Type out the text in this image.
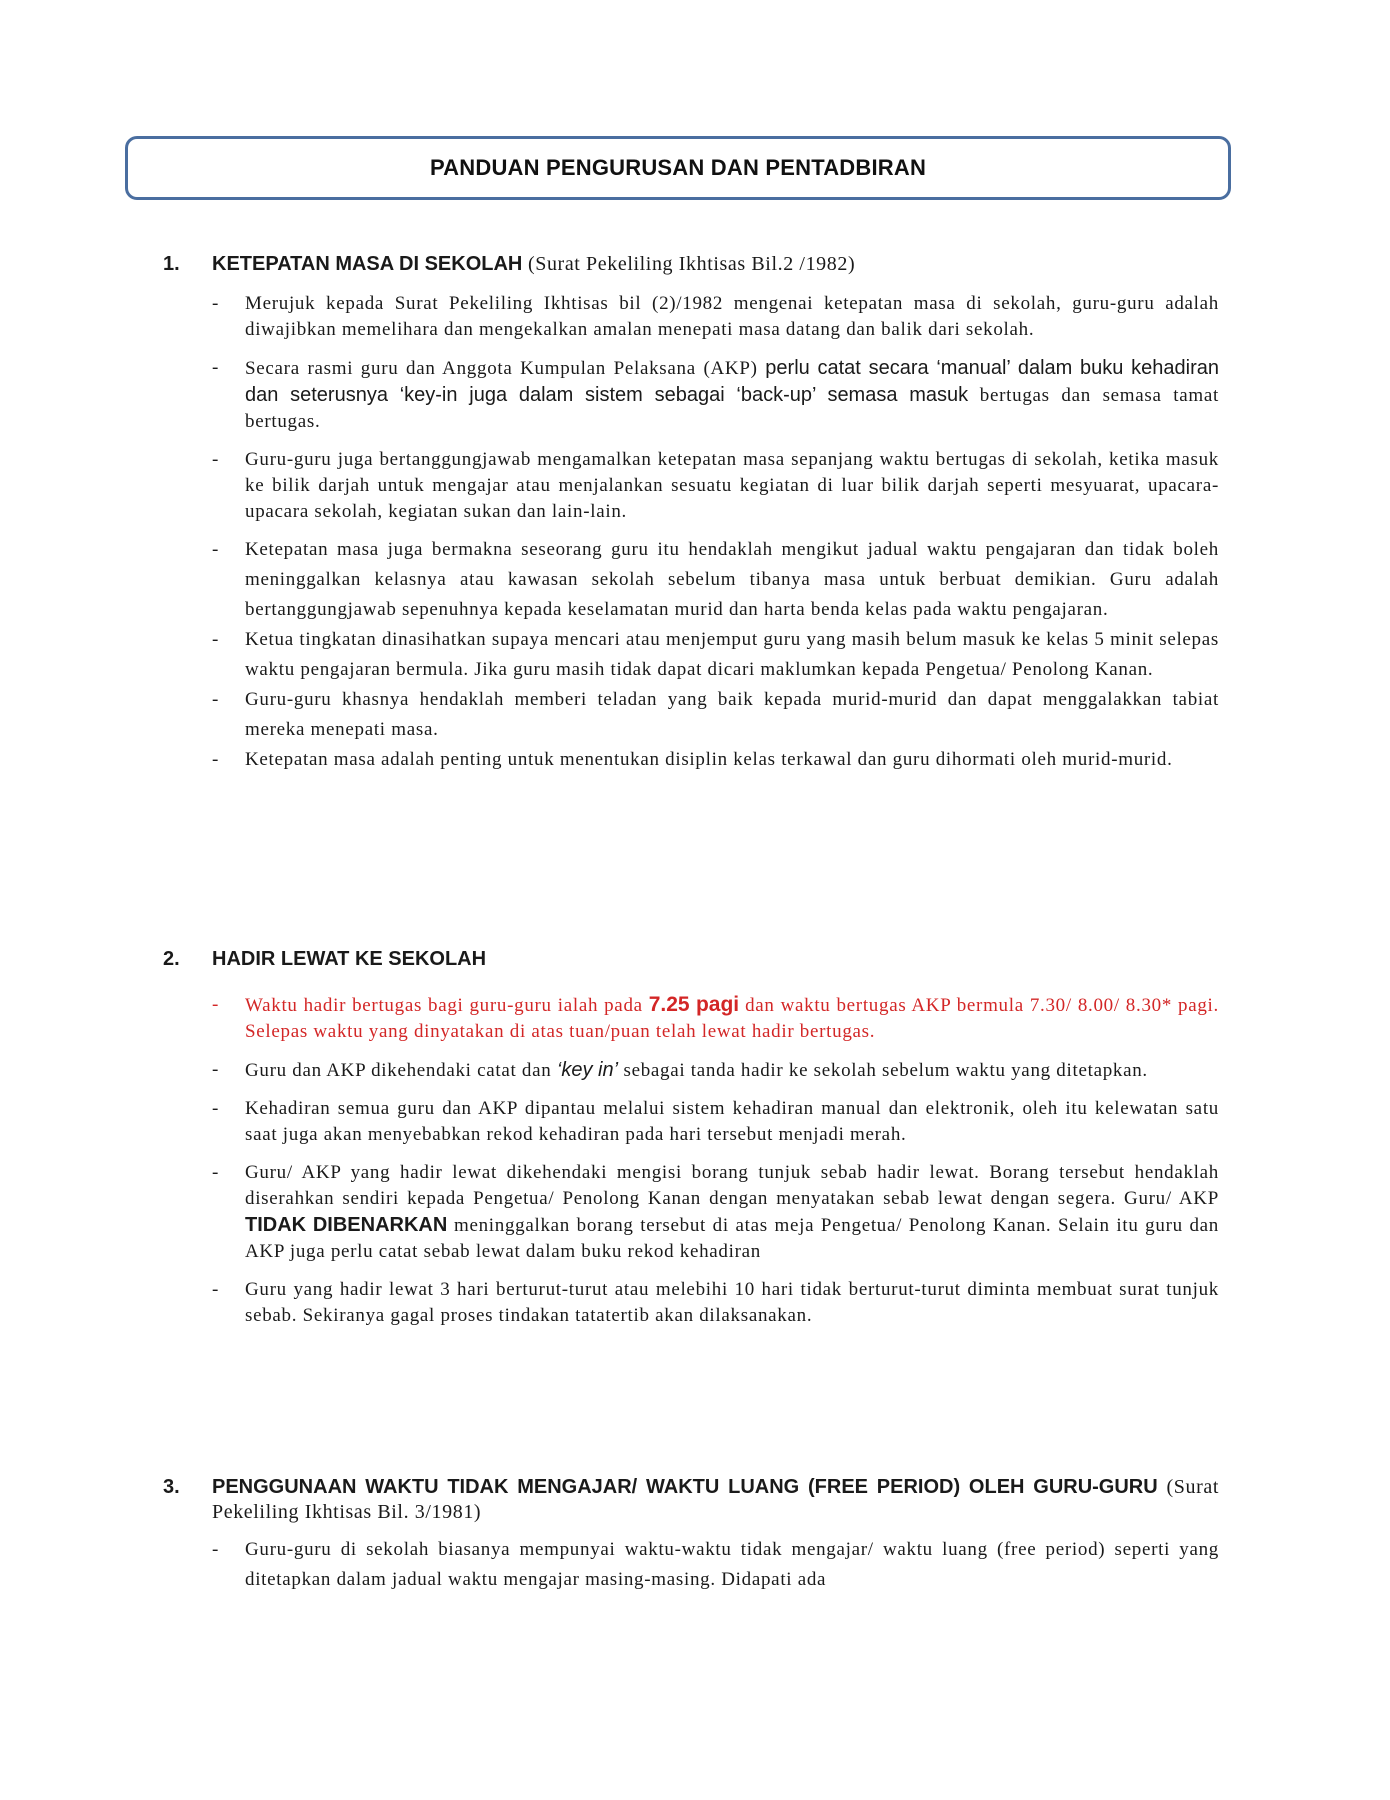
PANDUAN PENGURUSAN DAN PENTADBIRAN
1.	KETEPATAN MASA DI SEKOLAH (Surat Pekeliling Ikhtisas Bil.2 /1982)
- Merujuk kepada Surat Pekeliling Ikhtisas bil (2)/1982 mengenai ketepatan masa di sekolah, guru-guru adalah diwajibkan memelihara dan mengekalkan amalan menepati masa datang dan balik dari sekolah.
- Secara rasmi guru dan Anggota Kumpulan Pelaksana (AKP) perlu catat secara ‘manual’ dalam buku kehadiran dan seterusnya ‘key-in juga dalam sistem sebagai ‘back-up’ semasa masuk bertugas dan semasa tamat bertugas.
- Guru-guru juga bertanggungjawab mengamalkan ketepatan masa sepanjang waktu bertugas di sekolah, ketika masuk ke bilik darjah untuk mengajar atau menjalankan sesuatu kegiatan di luar bilik darjah seperti mesyuarat, upacara-upacara sekolah, kegiatan sukan dan lain-lain.
- Ketepatan masa juga bermakna seseorang guru itu hendaklah mengikut jadual waktu pengajaran dan tidak boleh meninggalkan kelasnya atau kawasan sekolah sebelum tibanya masa untuk berbuat demikian. Guru adalah bertanggungjawab sepenuhnya kepada keselamatan murid dan harta benda kelas pada waktu pengajaran.
- Ketua tingkatan dinasihatkan supaya mencari atau menjemput guru yang masih belum masuk ke kelas 5 minit selepas waktu pengajaran bermula. Jika guru masih tidak dapat dicari maklumkan kepada Pengetua/ Penolong Kanan.
- Guru-guru khasnya hendaklah memberi teladan yang baik kepada murid-murid dan dapat menggalakkan tabiat mereka menepati masa.
- Ketepatan masa adalah penting untuk menentukan disiplin kelas terkawal dan guru dihormati oleh murid-murid.
2.	HADIR LEWAT KE SEKOLAH
- Waktu hadir bertugas bagi guru-guru ialah pada 7.25 pagi dan waktu bertugas AKP bermula 7.30/ 8.00/ 8.30* pagi. Selepas waktu yang dinyatakan di atas tuan/puan telah lewat hadir bertugas.
- Guru dan AKP dikehendaki catat dan ‘key in’ sebagai tanda hadir ke sekolah sebelum waktu yang ditetapkan.
- Kehadiran semua guru dan AKP dipantau melalui sistem kehadiran manual dan elektronik, oleh itu kelewatan satu saat juga akan menyebabkan rekod kehadiran pada hari tersebut menjadi merah.
- Guru/ AKP yang hadir lewat dikehendaki mengisi borang tunjuk sebab hadir lewat. Borang tersebut hendaklah diserahkan sendiri kepada Pengetua/ Penolong Kanan dengan menyatakan sebab lewat dengan segera. Guru/ AKP TIDAK DIBENARKAN meninggalkan borang tersebut di atas meja Pengetua/ Penolong Kanan. Selain itu guru dan AKP juga perlu catat sebab lewat dalam buku rekod kehadiran
- Guru yang hadir lewat 3 hari berturut-turut atau melebihi 10 hari tidak berturut-turut diminta membuat surat tunjuk sebab. Sekiranya gagal proses tindakan tatatertib akan dilaksanakan.
3.	PENGGUNAAN WAKTU TIDAK MENGAJAR/ WAKTU LUANG (FREE PERIOD) OLEH GURU-GURU (Surat Pekeliling Ikhtisas Bil. 3/1981)
- Guru-guru di sekolah biasanya mempunyai waktu-waktu tidak mengajar/ waktu luang (free period) seperti yang ditetapkan dalam jadual waktu mengajar masing-masing. Didapati ada
